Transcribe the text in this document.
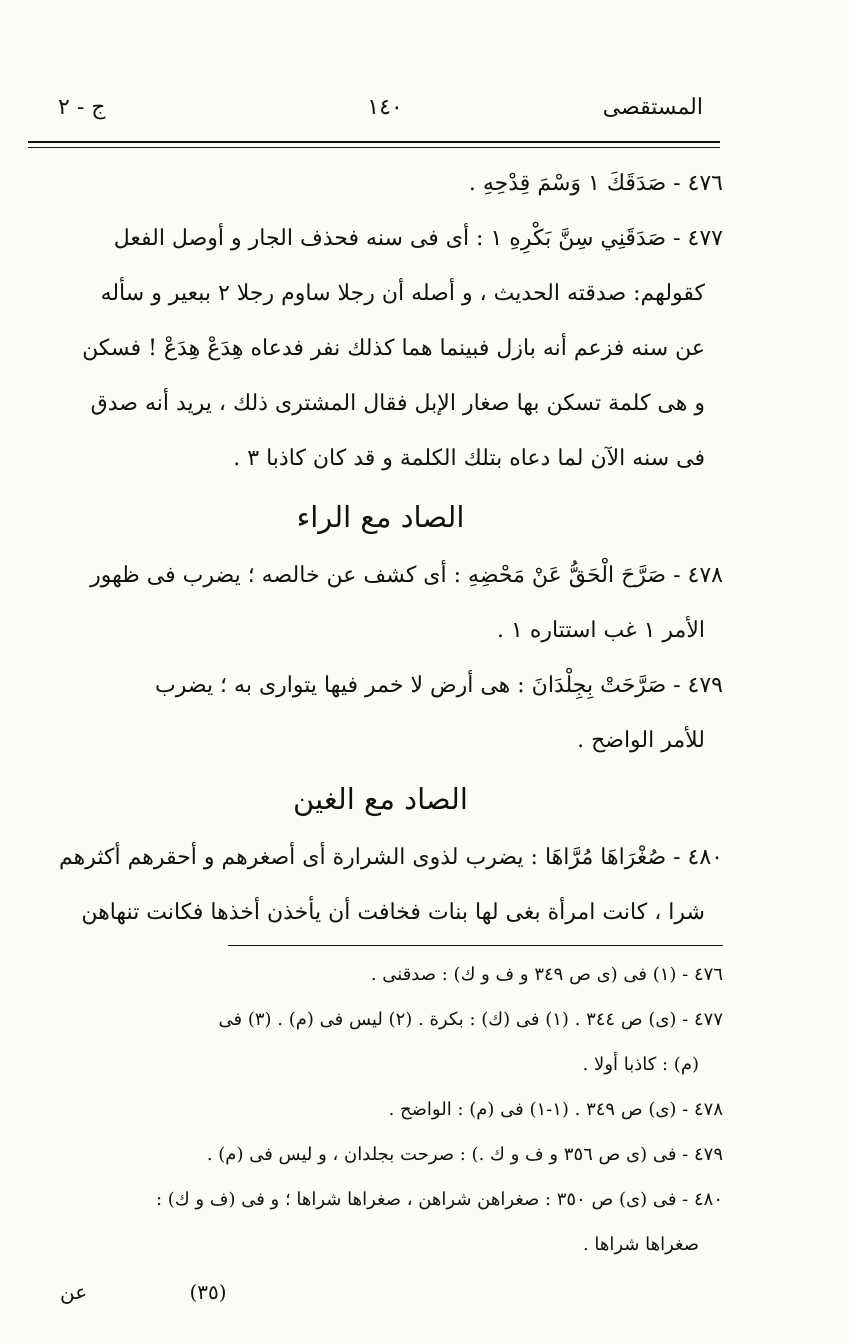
المستقصى
١٤٠
ج - ٢
٤٧٦ - صَدَقَكَ ١ وَسْمَ قِدْحِهِ .
٤٧٧ - صَدَقَنِي سِنَّ بَكْرِهِ ١ : أى فى سنه فحذف الجار و أوصل الفعل
كقولهم: صدقته الحديث ، و أصله أن رجلا ساوم رجلا ٢ ببعير و سأله
عن سنه فزعم أنه بازل فبينما هما كذلك نفر فدعاه هِدَعْ هِدَعْ ! فسكن
و هى كلمة تسكن بها صغار الإبل فقال المشترى ذلك ، يريد أنه صدق
فى سنه الآن لما دعاه بتلك الكلمة و قد كان كاذبا ٣ .
الصاد مع الراء
٤٧٨ - صَرَّحَ الْحَقُّ عَنْ مَحْضِهِ : أى كشف عن خالصه ؛ يضرب فى ظهور
الأمر ١ غب استتاره ١ .
٤٧٩ - صَرَّحَتْ بِجِلْدَانَ : هى أرض لا خمر فيها يتوارى به ؛ يضرب
للأمر الواضح .
الصاد مع الغين
٤٨٠ - صُغْرَاهَا مُرَّاهَا : يضرب لذوى الشرارة أى أصغرهم و أحقرهم أكثرهم
شرا ، كانت امرأة بغى لها بنات فخافت أن يأخذن أخذها فكانت تنهاهن
٤٧٦ - (١) فى (ى ص ٣٤٩ و ف و ك) : صدقنى .
٤٧٧ - (ى) ص ٣٤٤ . (١) فى (ك) : بكرة . (٢) ليس فى (م) . (٣) فى
(م) : كاذبا أولا .
٤٧٨ - (ى) ص ٣٤٩ . (١-١) فى (م) : الواضح .
٤٧٩ - فى (ى ص ٣٥٦ و ف و ك .) : صرحت بجلدان ، و ليس فى (م) .
٤٨٠ - فى (ى) ص ٣٥٠ : صغراهن شراهن ، صغراها شراها ؛ و فى (ف و ك) :
صغراها شراها .
(٣٥)
عن
